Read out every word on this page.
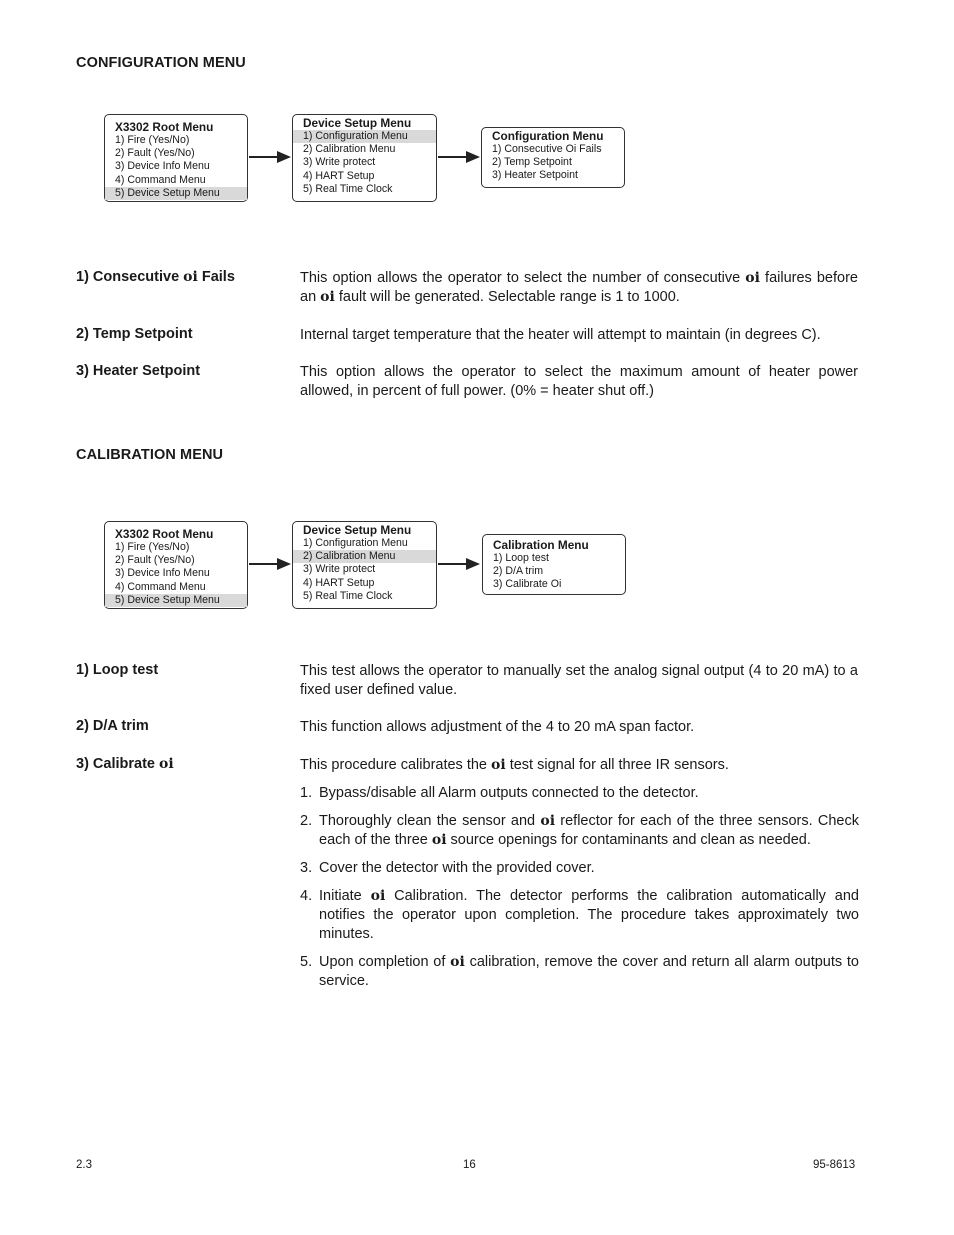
CONFIGURATION MENU
X3302 Root Menu
1) Fire (Yes/No)
2) Fault (Yes/No)
3) Device Info Menu
4) Command Menu
5) Device Setup Menu
Device Setup Menu
1) Configuration Menu
2) Calibration Menu
3) Write protect
4) HART Setup
5) Real Time Clock
Configuration Menu
1) Consecutive Oi Fails
2) Temp Setpoint
3) Heater Setpoint
1) Consecutive oi Fails	This option allows the operator to select the number of consecutive oi failures before an oi fault will be generated. Selectable range is 1 to 1000.
2) Temp Setpoint	Internal target temperature that the heater will attempt to maintain (in degrees C).
3) Heater Setpoint	This option allows the operator to select the maximum amount of heater power allowed, in percent of full power. (0% = heater shut off.)
CALIBRATION MENU
X3302 Root Menu
1) Fire (Yes/No)
2) Fault (Yes/No)
3) Device Info Menu
4) Command Menu
5) Device Setup Menu
Device Setup Menu
1) Configuration Menu
2) Calibration Menu
3) Write protect
4) HART Setup
5) Real Time Clock
Calibration Menu
1) Loop test
2) D/A trim
3) Calibrate Oi
1) Loop test	This test allows the operator to manually set the analog signal output (4 to 20 mA) to a fixed user defined value.
2) D/A trim	This function allows adjustment of the 4 to 20 mA span factor.
3) Calibrate oi	This procedure calibrates the oi test signal for all three IR sensors.
1. Bypass/disable all Alarm outputs connected to the detector.
2. Thoroughly clean the sensor and oi reflector for each of the three sensors. Check each of the three oi source openings for contaminants and clean as needed.
3. Cover the detector with the provided cover.
4. Initiate oi Calibration. The detector performs the calibration automatically and notifies the operator upon completion. The procedure takes approximately two minutes.
5. Upon completion of oi calibration, remove the cover and return all alarm outputs to service.
2.3	16	95-8613
